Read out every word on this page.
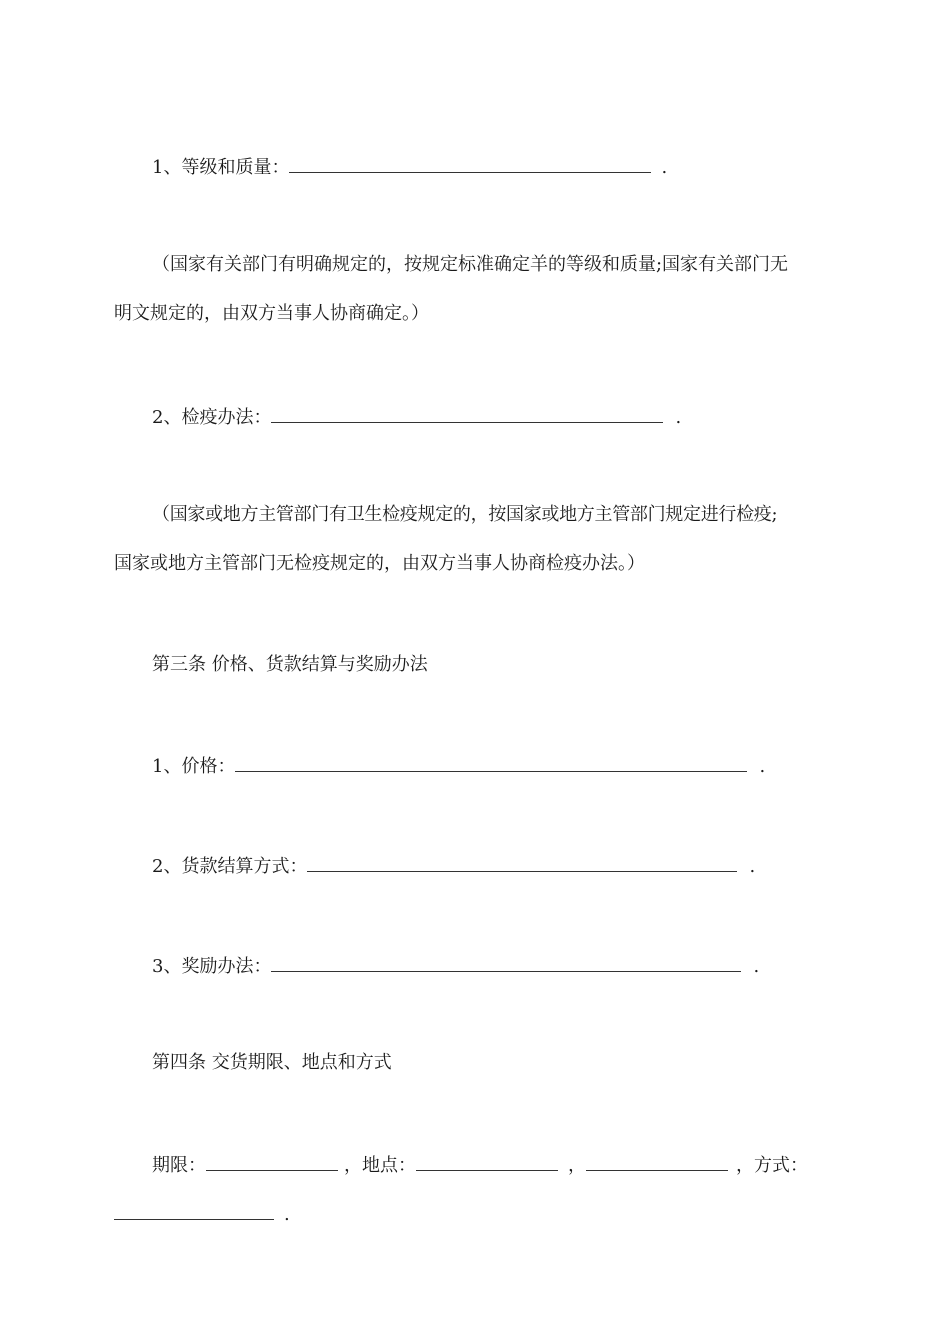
1、等级和质量：	.
（国家有关部门有明确规定的，按规定标准确定羊的等级和质量;国家有关部门无
明文规定的，由双方当事人协商确定。）
2、检疫办法：	.
（国家或地方主管部门有卫生检疫规定的，按国家或地方主管部门规定进行检疫;
国家或地方主管部门无检疫规定的，由双方当事人协商检疫办法。）
第三条 价格、货款结算与奖励办法
1、价格：	.
2、货款结算方式：	.
3、奖励办法：	.
第四条 交货期限、地点和方式
期限：	，地点：	，	，方式：
.
